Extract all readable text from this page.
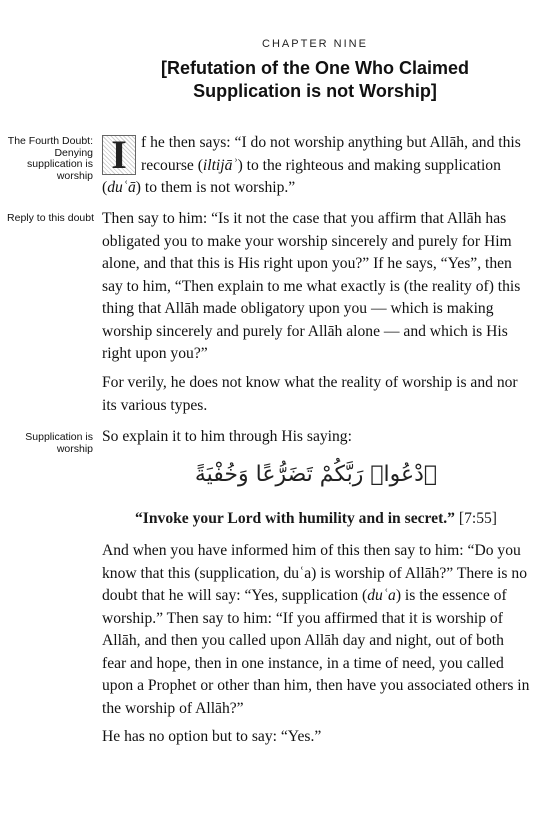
CHAPTER NINE
[Refutation of the One Who Claimed
Supplication is not Worship]
The Fourth Doubt: Denying supplication is worship
Reply to this doubt
Supplication is worship

I f he then says: “I do not worship anything but Allāh, and this recourse (iltijāʾ) to the righteous and making supplication (duʿā) to them is not worship.”

Then say to him: “Is it not the case that you affirm that Allāh has obligated you to make your worship sincerely and purely for Him alone, and that this is His right upon you?” If he says, “Yes”, then say to him, “Then explain to me what exactly is (the reality of) this thing that Allāh made obligatory upon you — which is making worship sincerely and purely for Allāh alone — and which is His right upon you?”

For verily, he does not know what the reality of worship is and nor its various types.

So explain it to him through His saying:

ٱدْعُوا۟ رَبَّكُمْ تَضَرُّعًا وَخُفْيَةً
“Invoke your Lord with humility and in secret.” [7:55]

And when you have informed him of this then say to him: “Do you know that this (supplication, duʿa) is worship of Allāh?” There is no doubt that he will say: “Yes, supplication (duʿa) is the essence of worship.” Then say to him: “If you affirmed that it is worship of Allāh, and then you called upon Allāh day and night, out of both fear and hope, then in one instance, in a time of need, you called upon a Prophet or other than him, then have you associated others in the worship of Allāh?”

He has no option but to say: “Yes.”
